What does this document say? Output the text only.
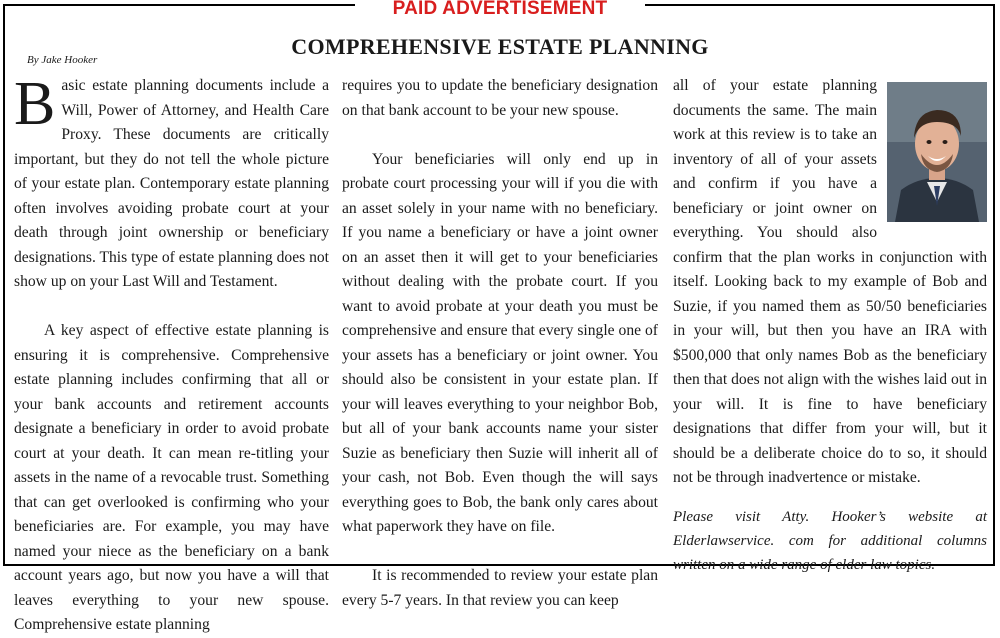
PAID ADVERTISEMENT
COMPREHENSIVE ESTATE PLANNING
By Jake Hooker

Basic estate planning documents include a Will, Power of Attorney, and Health Care Proxy. These documents are critically important, but they do not tell the whole picture of your estate plan. Contemporary estate planning often involves avoiding probate court at your death through joint ownership or beneficiary designations. This type of estate planning does not show up on your Last Will and Testament.

A key aspect of effective estate planning is ensuring it is comprehensive. Comprehensive estate planning includes confirming that all or your bank accounts and retirement accounts designate a beneficiary in order to avoid probate court at your death. It can mean re-titling your assets in the name of a revocable trust. Something that can get overlooked is confirming who your beneficiaries are. For example, you may have named your niece as the beneficiary on a bank account years ago, but now you have a will that leaves everything to your new spouse. Comprehensive estate planning

requires you to update the beneficiary designation on that bank account to be your new spouse.

Your beneficiaries will only end up in probate court processing your will if you die with an asset solely in your name with no beneficiary. If you name a beneficiary or have a joint owner on an asset then it will get to your beneficiaries without dealing with the probate court. If you want to avoid probate at your death you must be comprehensive and ensure that every single one of your assets has a beneficiary or joint owner. You should also be consistent in your estate plan. If your will leaves everything to your neighbor Bob, but all of your bank accounts name your sister Suzie as beneficiary then Suzie will inherit all of your cash, not Bob. Even though the will says everything goes to Bob, the bank only cares about what paperwork they have on file.

It is recommended to review your estate plan every 5-7 years. In that review you can keep

all of your estate planning documents the same. The main work at this review is to take an inventory of all of your assets and confirm if you have a beneficiary or joint owner on everything. You should also confirm that the plan works in conjunction with itself. Looking back to my example of Bob and Suzie, if you named them as 50/50 beneficiaries in your will, but then you have an IRA with $500,000 that only names Bob as the beneficiary then that does not align with the wishes laid out in your will. It is fine to have beneficiary designations that differ from your will, but it should be a deliberate choice do to so, it should not be through inadvertence or mistake.

Please visit Atty. Hooker’s website at Elderlawservice. com for additional columns written on a wide range of elder law topics.
